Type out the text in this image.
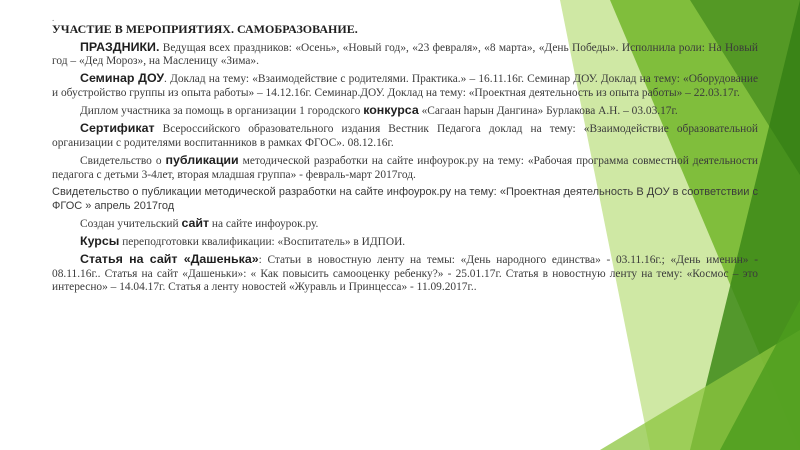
.

УЧАСТИЕ В МЕРОПРИЯТИЯХ. САМОБРАЗОВАНИЕ.

ПРАЗДНИКИ. Ведущая всех праздников: «Осень», «Новый год», «23 февраля», «8 марта», «День Победы». Исполнила роли: На Новый год – «Дед Мороз», на Масленицу «Зима».

Семинар ДОУ. Доклад на тему: «Взаимодействие с родителями. Практика.» – 16.11.16г. Семинар ДОУ. Доклад на тему: «Оборудование и обустройство группы из опыта работы» – 14.12.16г. Семинар.ДОУ. Доклад на тему: «Проектная деятельность из опыта работы» – 22.03.17г.

Диплом участника за помощь в организации 1 городского конкурса «Сагаан hарын Дангина» Бурлакова А.Н. – 03.03.17г.

Сертификат Всероссийского образовательного издания Вестник Педагога доклад на тему: «Взаимодействие образовательной организации с родителями воспитанников в рамках ФГОС». 08.12.16г.

Свидетельство о публикации методической разработки на сайте инфоурок.ру на тему: «Рабочая программа совместной деятельности педагога с детьми 3-4лет, вторая младшая группа» - февраль-март 2017год.

Свидетельство о публикации методической разработки на сайте инфоурок.ру на тему: «Проектная деятельность В ДОУ в соответствии с ФГОС » апрель 2017год

Создан учительский сайт на сайте инфоурок.ру.

Курсы переподготовки квалификации: «Воспитатель» в ИДПОИ.

Статья на сайт «Дашенька»: Статьи в новостную ленту на темы: «День народного единства» - 03.11.16г.; «День именин» - 08.11.16г.. Статья на сайт «Дашеньки»: « Как повысить самооценку ребенку?» - 25.01.17г. Статья в новостную ленту на тему: «Космос – это интересно» – 14.04.17г. Статья а ленту новостей «Журавль и Принцесса» - 11.09.2017г..
